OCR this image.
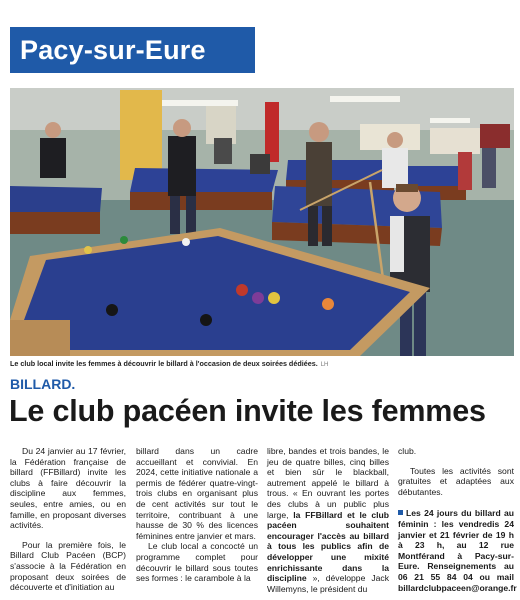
Pacy-sur-Eure
Le club local invite les femmes à découvrir le billard à l'occasion de deux soirées dédiées. LH
BILLARD.
Le club pacéen invite les femmes

Du 24 janvier au 17 février, la Fédération française de billard (FFBillard) invite les clubs à faire découvrir la discipline aux femmes, seules, entre amies, ou en famille, en proposant diverses activités.

Pour la première fois, le Billard Club Pacéen (BCP) s'associe à la Fédération en proposant deux soirées de découverte et d'initiation au

billard dans un cadre accueillant et convivial. En 2024, cette initiative nationale a permis de fédérer quatre-vingt-trois clubs en organisant plus de cent activités sur tout le territoire, contribuant à une hausse de 30 % des licences féminines entre janvier et mars.

Le club local a concocté un programme complet pour découvrir le billard sous toutes ses formes : le carambole à la

libre, bandes et trois bandes, le jeu de quatre billes, cinq billes et bien sûr le blackball, autrement appelé le billard à trous. « En ouvrant les portes des clubs à un public plus large, la FFBillard et le club pacéen souhaitent encourager l'accès au billard à tous les publics afin de développer une mixité enrichissante dans la discipline », développe Jack Willemyns, le président du

club.

Toutes les activités sont gratuites et adaptées aux débutantes.

Les 24 jours du billard au féminin : les vendredis 24 janvier et 21 février de 19 h à 23 h, au 12 rue Montférand à Pacy-sur-Eure. Renseignements au 06 21 55 84 04 ou mail billardclubpaceen@orange.fr
